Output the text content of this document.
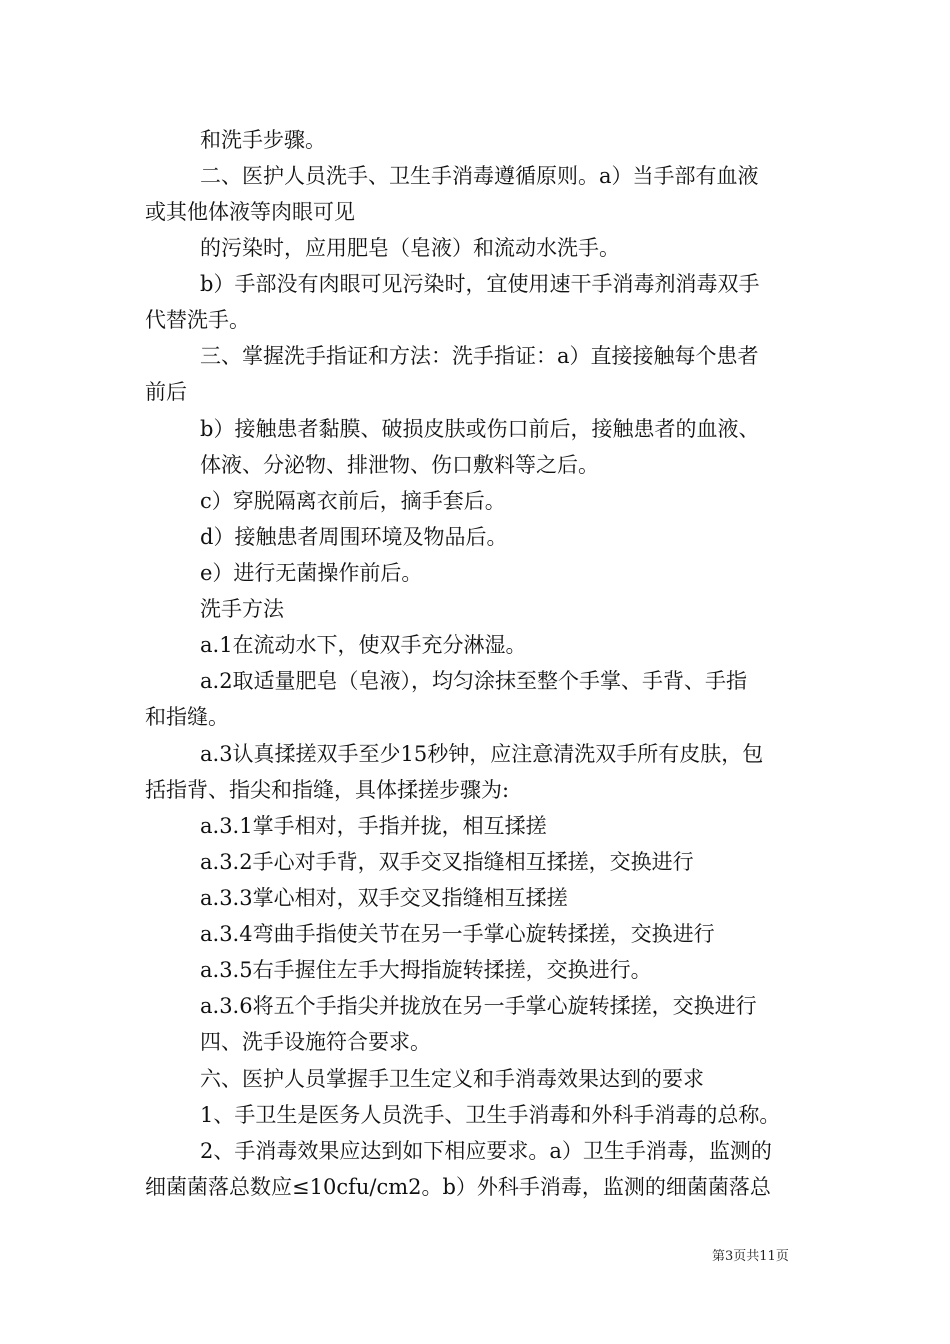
和洗手步骤。
二、医护人员洗手、卫生手消毒遵循原则。a）当手部有血液
或其他体液等肉眼可见
的污染时，应用肥皂（皂液）和流动水洗手。
b）手部没有肉眼可见污染时，宜使用速干手消毒剂消毒双手
代替洗手。
三、掌握洗手指证和方法：洗手指证：a）直接接触每个患者
前后
b）接触患者黏膜、破损皮肤或伤口前后，接触患者的血液、
体液、分泌物、排泄物、伤口敷料等之后。
c）穿脱隔离衣前后，摘手套后。
d）接触患者周围环境及物品后。
e）进行无菌操作前后。
洗手方法
a.1在流动水下，使双手充分淋湿。
a.2取适量肥皂（皂液），均匀涂抹至整个手掌、手背、手指
和指缝。
a.3认真揉搓双手至少15秒钟，应注意清洗双手所有皮肤，包
括指背、指尖和指缝，具体揉搓步骤为:
a.3.1掌手相对，手指并拢，相互揉搓
a.3.2手心对手背，双手交叉指缝相互揉搓，交换进行
a.3.3掌心相对，双手交叉指缝相互揉搓
a.3.4弯曲手指使关节在另一手掌心旋转揉搓，交换进行
a.3.5右手握住左手大拇指旋转揉搓，交换进行。
a.3.6将五个手指尖并拢放在另一手掌心旋转揉搓，交换进行
四、洗手设施符合要求。
六、医护人员掌握手卫生定义和手消毒效果达到的要求
1、手卫生是医务人员洗手、卫生手消毒和外科手消毒的总称。
2、手消毒效果应达到如下相应要求。a）卫生手消毒，监测的
细菌菌落总数应≤10cfu/cm2。b）外科手消毒，监测的细菌菌落总
第3页共11页
